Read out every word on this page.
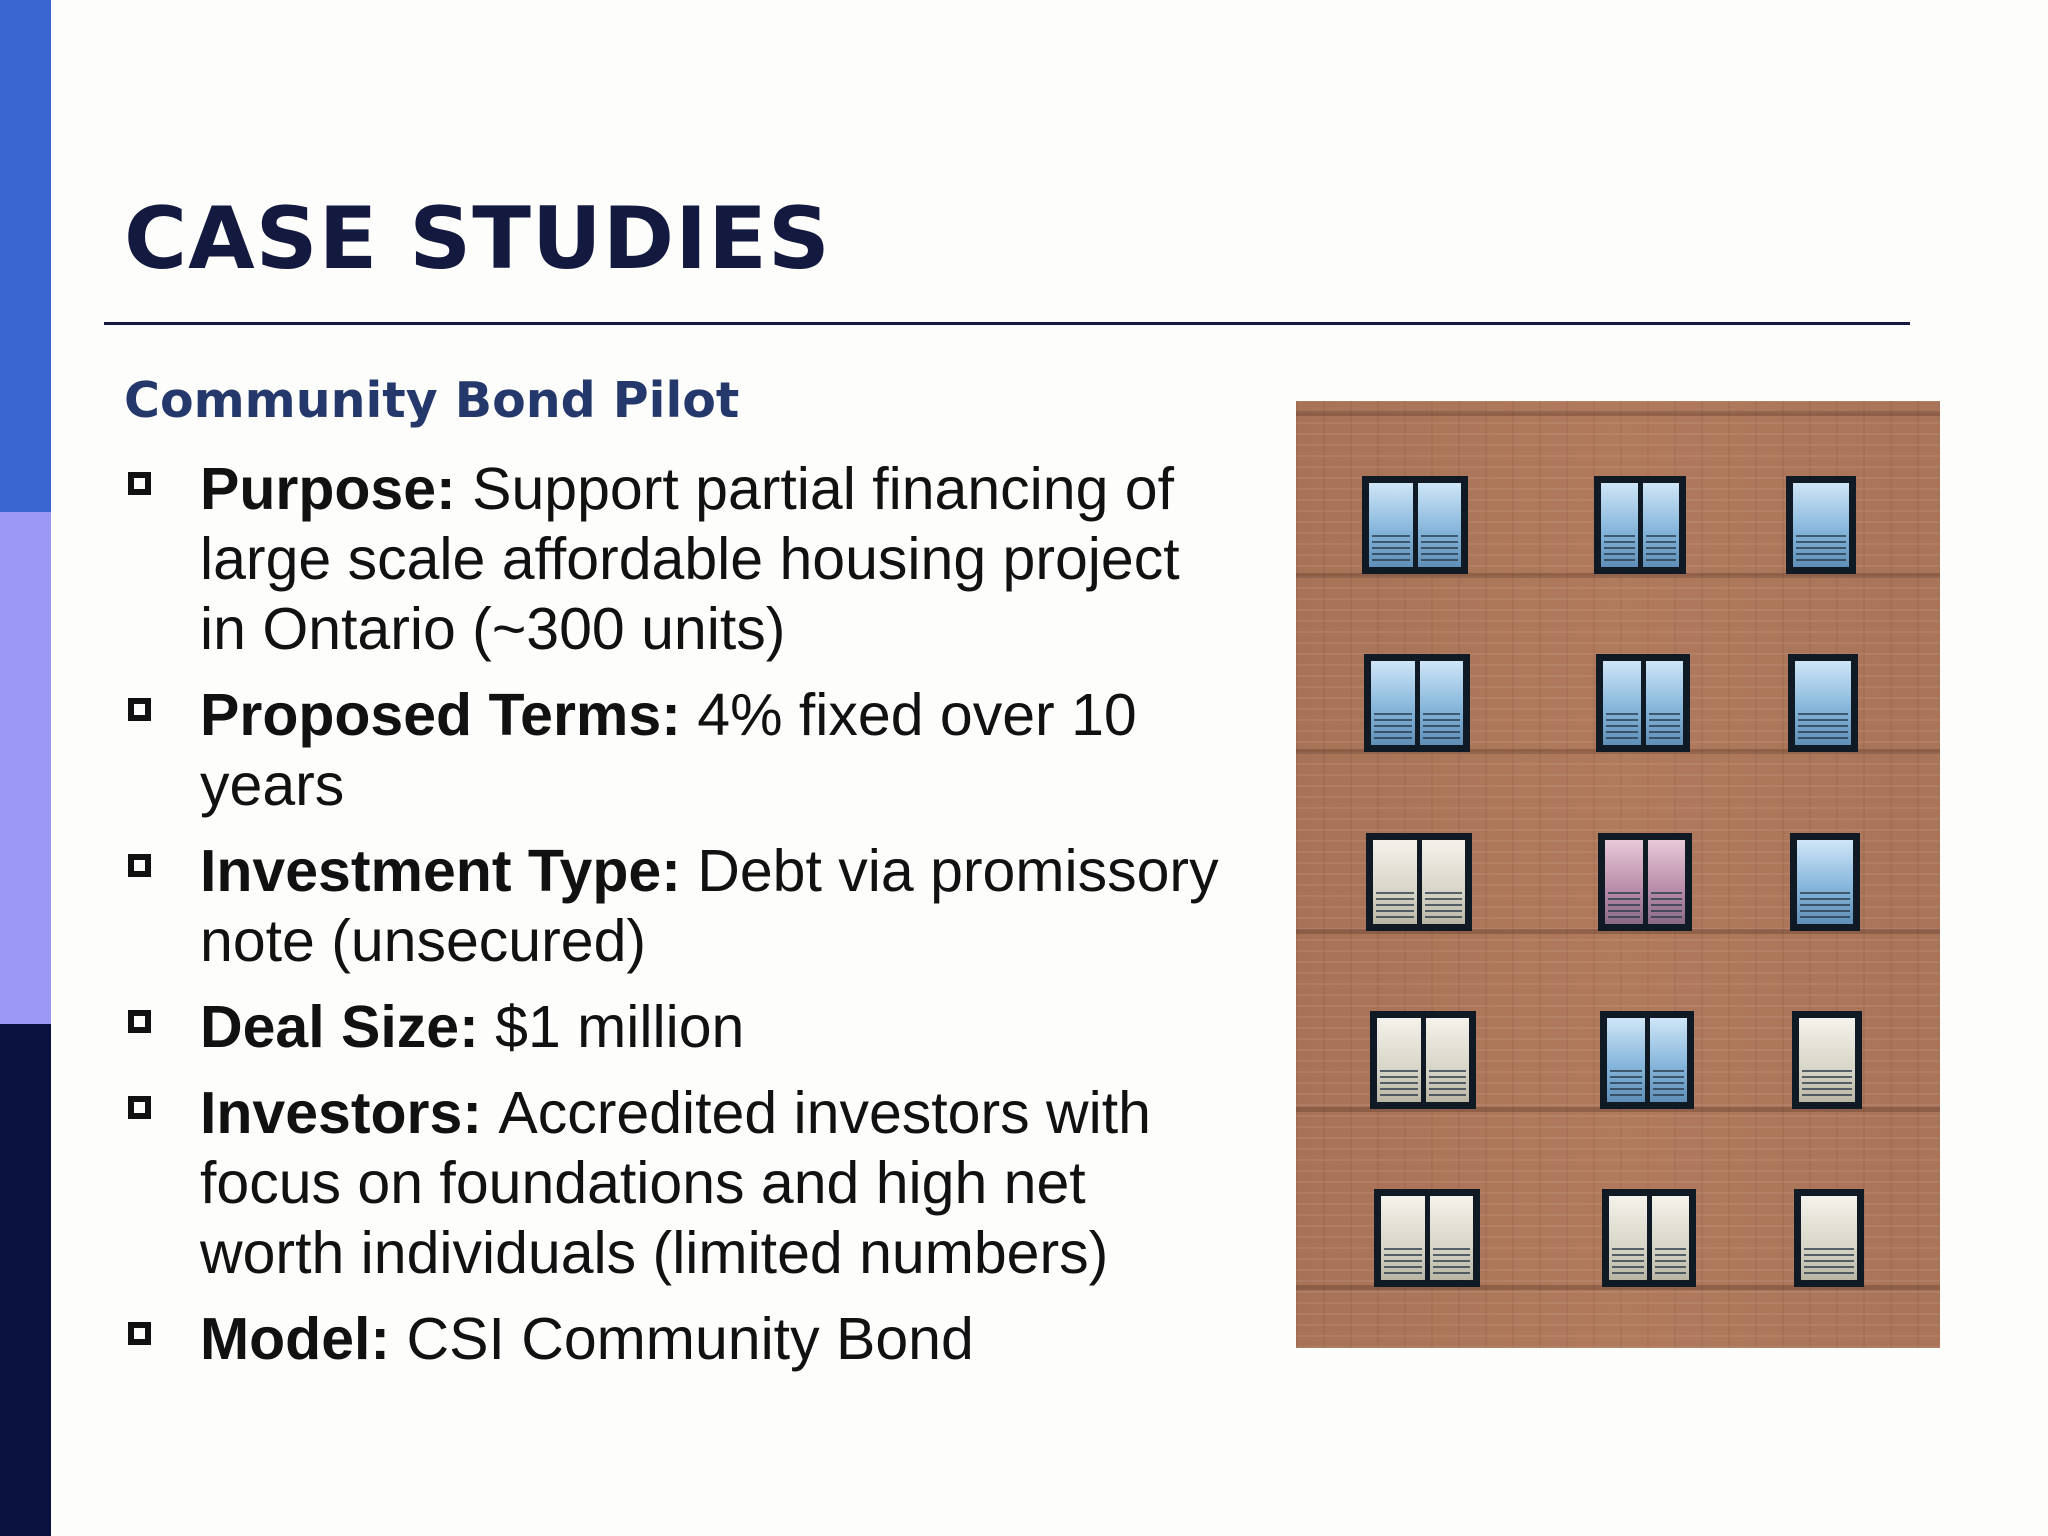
CASE STUDIES
Community Bond Pilot
Purpose: Support partial financing of large scale affordable housing project in Ontario (~300 units)
Proposed Terms: 4% fixed over 10 years
Investment Type: Debt via promissory note (unsecured)
Deal Size: $1 million
Investors: Accredited investors with focus on foundations and high net worth individuals (limited numbers)
Model: CSI Community Bond
